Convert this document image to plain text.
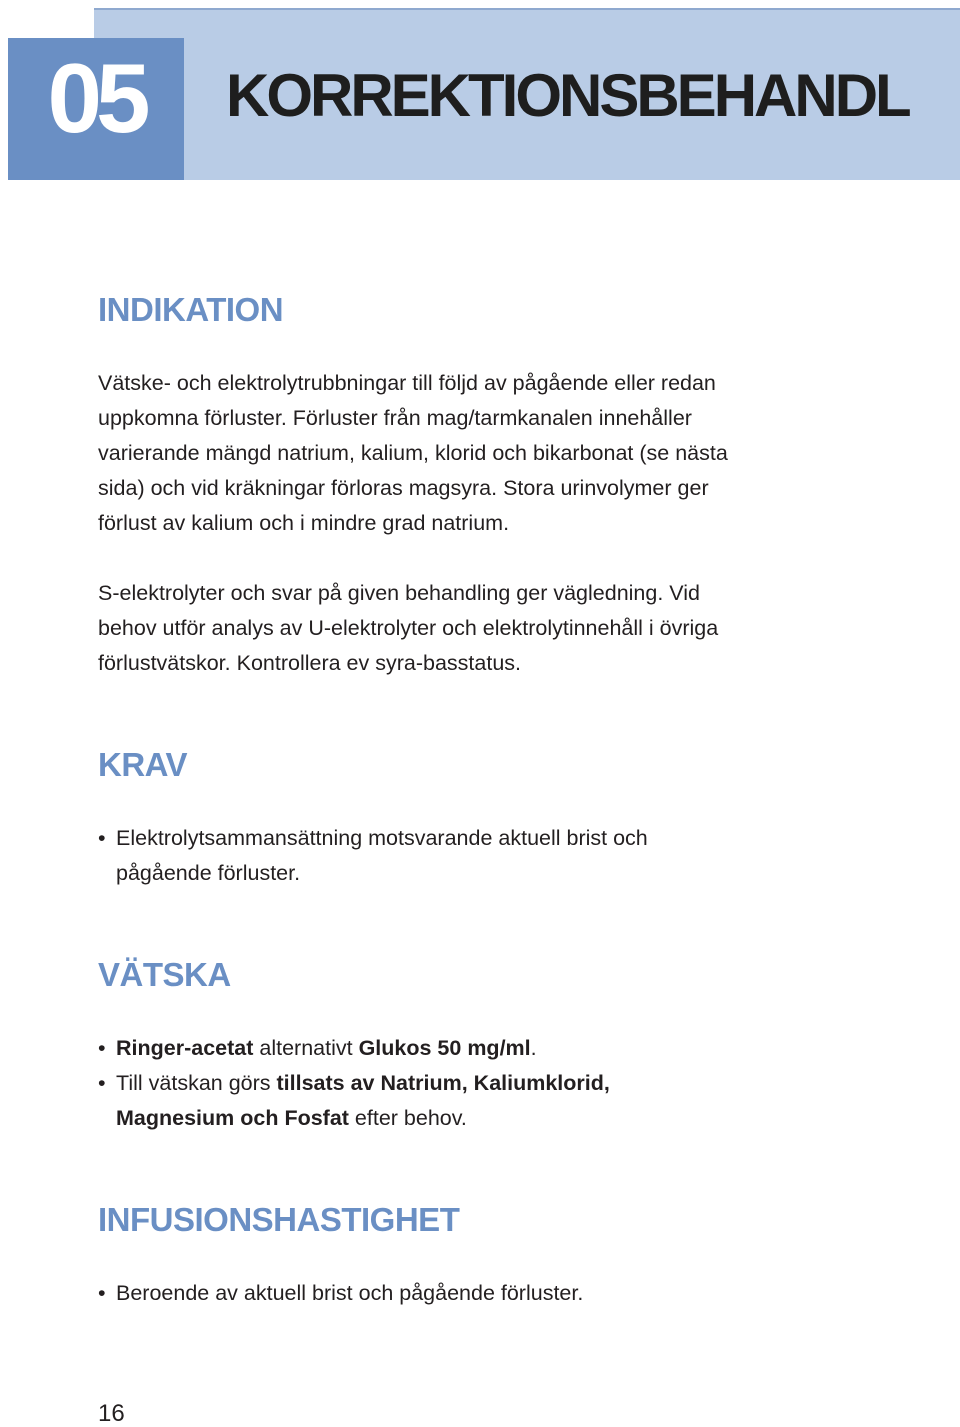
05	KORREKTIONSBEHANDL
INDIKATION

Vätske- och elektrolytrubbningar till följd av pågående eller redan

uppkomna förluster. Förluster från mag/tarmkanalen innehåller

varierande mängd natrium, kalium, klorid och bikarbonat (se nästa

sida) och vid kräkningar förloras magsyra. Stora urinvolymer ger

förlust av kalium och i mindre grad natrium.

S-elektrolyter och svar på given behandling ger vägledning. Vid

behov utför analys av U-elektrolyter och elektrolytinnehåll i övriga

förlustvätskor. Kontrollera ev syra-basstatus.

KRAV
• Elektrolytsammansättning motsvarande aktuell brist och
pågående förluster.
VÄTSKA
• Ringer-acetat alternativt Glukos 50 mg/ml.
• Till vätskan görs tillsats av Natrium, Kaliumklorid,
Magnesium och Fosfat efter behov.
INFUSIONSHASTIGHET
• Beroende av aktuell brist och pågående förluster.
16
